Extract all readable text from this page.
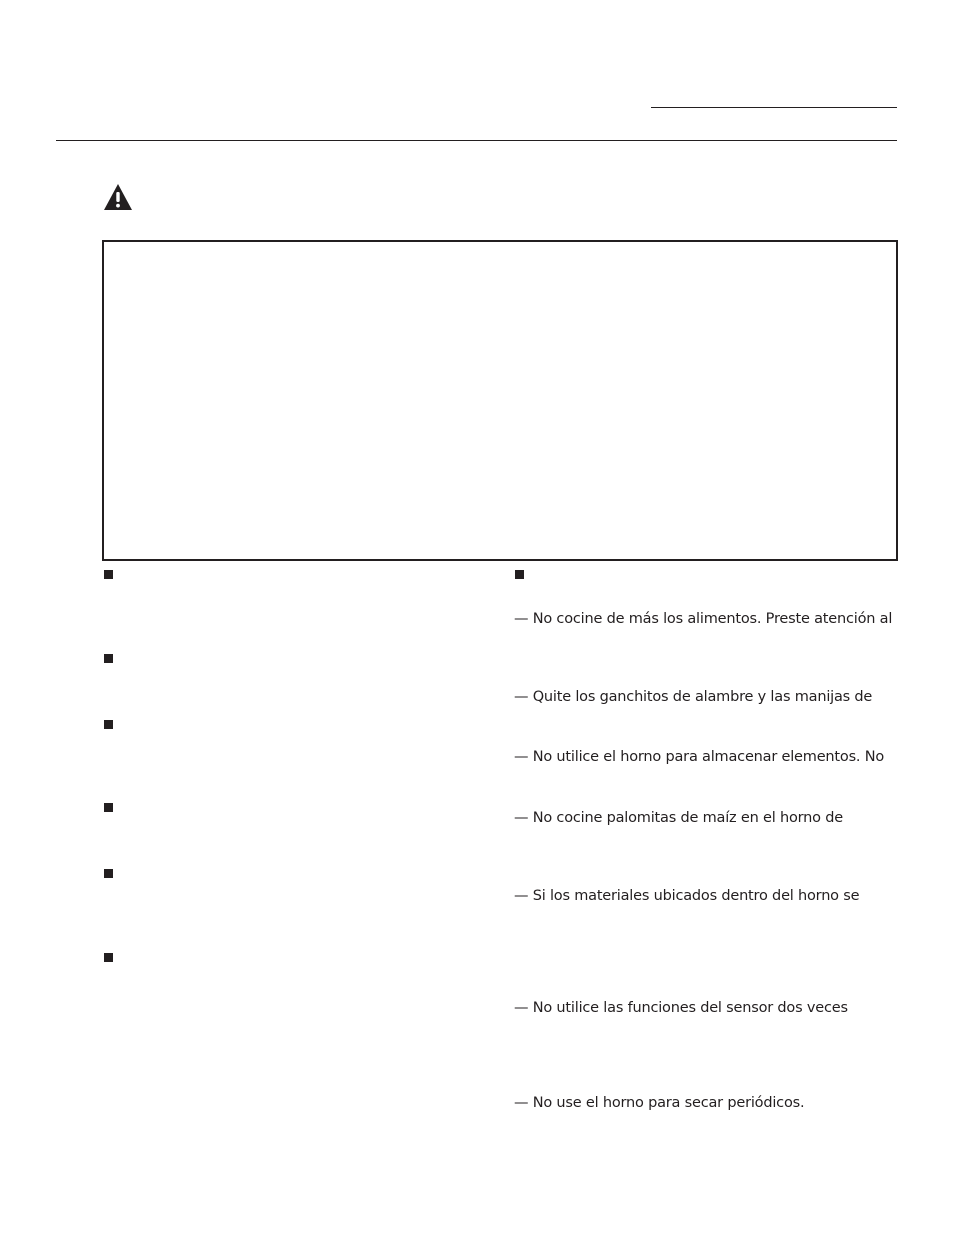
— No cocine de más los alimentos. Preste atención al
— Quite los ganchitos de alambre y las manijas de
— No utilice el horno para almacenar elementos. No
— No cocine palomitas de maíz en el horno de
— Si los materiales ubicados dentro del horno se
— No utilice las funciones del sensor dos veces
— No use el horno para secar periódicos.
